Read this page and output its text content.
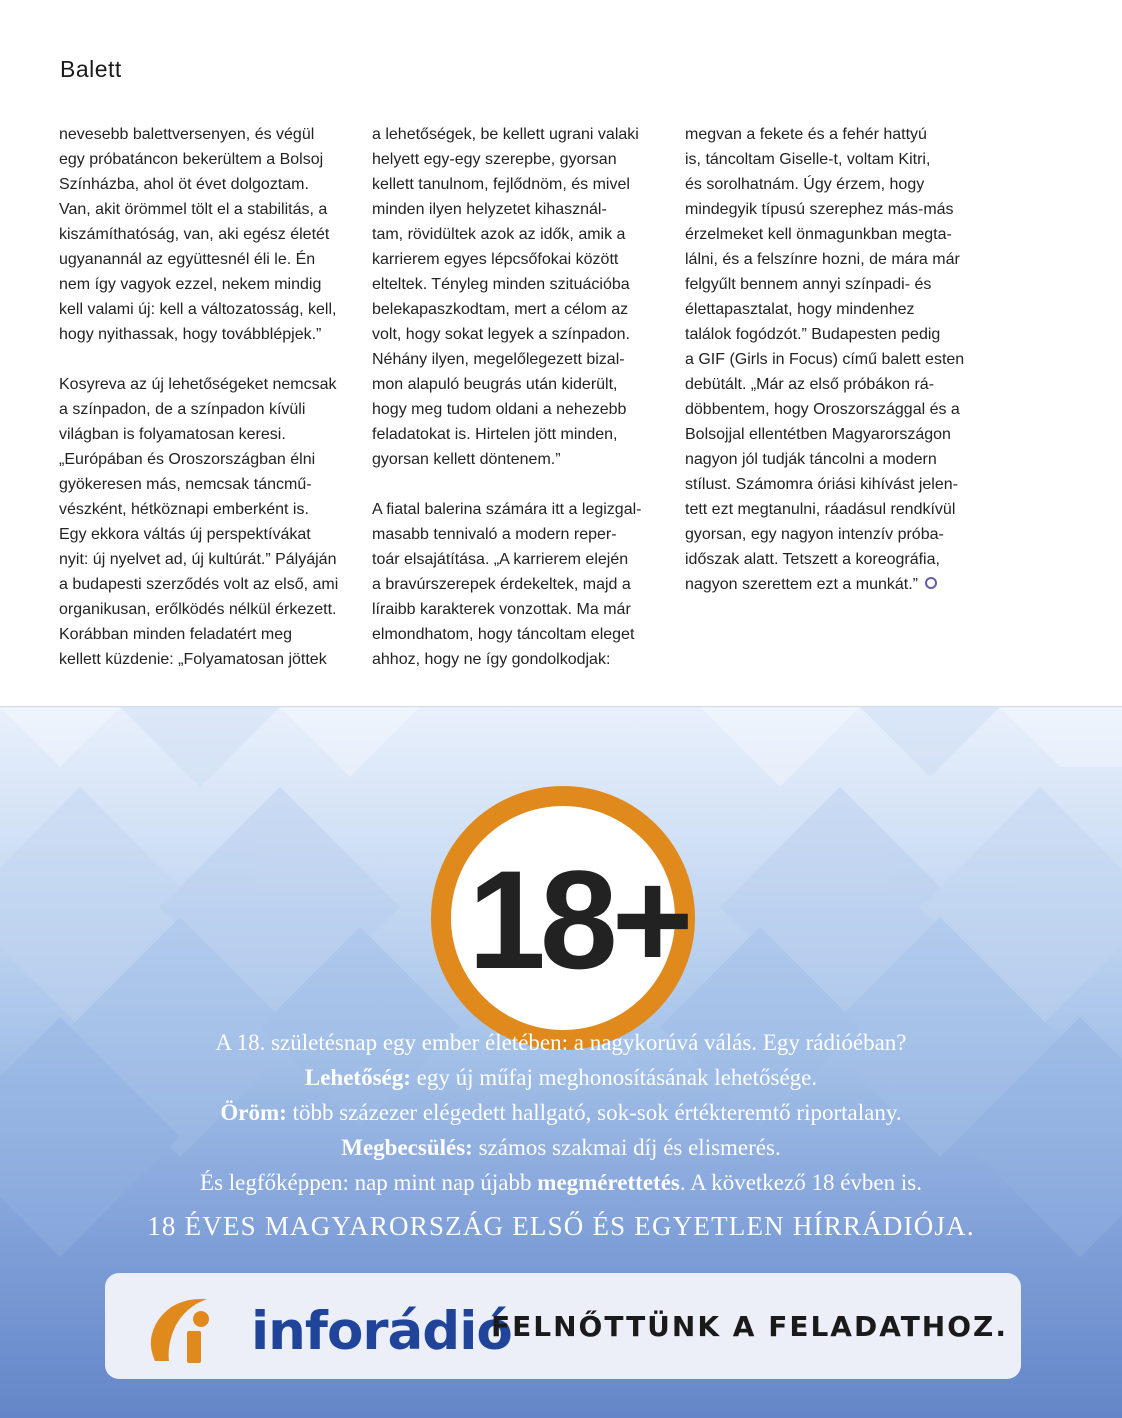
Balett
nevesebb balettversenyen, és végül
egy próbatáncon bekerültem a Bolsoj
Színházba, ahol öt évet dolgoztam.
Van, akit örömmel tölt el a stabilitás, a
kiszámíthatóság, van, aki egész életét
ugyanannál az együttesnél éli le. Én
nem így vagyok ezzel, nekem mindig
kell valami új: kell a változatosság, kell,
hogy nyithassak, hogy továbblépjek.”
Kosyreva az új lehetőségeket nemcsak
a színpadon, de a színpadon kívüli
világban is folyamatosan keresi.
„Európában és Oroszországban élni
gyökeresen más, nemcsak táncmű-
vészként, hétköznapi emberként is.
Egy ekkora váltás új perspektívákat
nyit: új nyelvet ad, új kultúrát.” Pályáján
a budapesti szerződés volt az első, ami
organikusan, erőlködés nélkül érkezett.
Korábban minden feladatért meg
kellett küzdenie: „Folyamatosan jöttek
a lehetőségek, be kellett ugrani valaki
helyett egy-egy szerepbe, gyorsan
kellett tanulnom, fejlődnöm, és mivel
minden ilyen helyzetet kihasznál-
tam, rövidültek azok az idők, amik a
karrierem egyes lépcsőfokai között
elteltek. Tényleg minden szituációba
belekapaszkodtam, mert a célom az
volt, hogy sokat legyek a színpadon.
Néhány ilyen, megelőlegezett bizal-
mon alapuló beugrás után kiderült,
hogy meg tudom oldani a nehezebb
feladatokat is. Hirtelen jött minden,
gyorsan kellett döntenem.”
A fiatal balerina számára itt a legizgal-
masabb tennivaló a modern reper-
toár elsajátítása. „A karrierem elején
a bravúrszerepek érdekeltek, majd a
líraibb karakterek vonzottak. Ma már
elmondhatom, hogy táncoltam eleget
ahhoz, hogy ne így gondolkodjak:
megvan a fekete és a fehér hattyú
is, táncoltam Giselle-t, voltam Kitri,
és sorolhatnám. Úgy érzem, hogy
mindegyik típusú szerephez más-más
érzelmeket kell önmagunkban megta-
lálni, és a felszínre hozni, de mára már
felgyűlt bennem annyi színpadi- és
élettapasztalat, hogy mindenhez
találok fogódzót.” Budapesten pedig
a GIF (Girls in Focus) című balett esten
debütált. „Már az első próbákon rá-
döbbentem, hogy Oroszországgal és a
Bolsojjal ellentétben Magyarországon
nagyon jól tudják táncolni a modern
stílust. Számomra óriási kihívást jelen-
tett ezt megtanulni, ráadásul rendkívül
gyorsan, egy nagyon intenzív próba-
időszak alatt. Tetszett a koreográfia,
nagyon szerettem ezt a munkát.”
18+
A 18. születésnap egy ember életében: a nagykorúvá válás. Egy rádióéban?
Lehetőség: egy új műfaj meghonosításának lehetősége.
Öröm: több százezer elégedett hallgató, sok-sok értékteremtő riportalany.
Megbecsülés: számos szakmai díj és elismerés.
És legfőképpen: nap mint nap újabb megmérettetés. A következő 18 évben is.
18 ÉVES MAGYARORSZÁG ELSŐ ÉS EGYETLEN HÍRRÁDIÓJA.
inforádió
FELNŐTTÜNK A FELADATHOZ.
